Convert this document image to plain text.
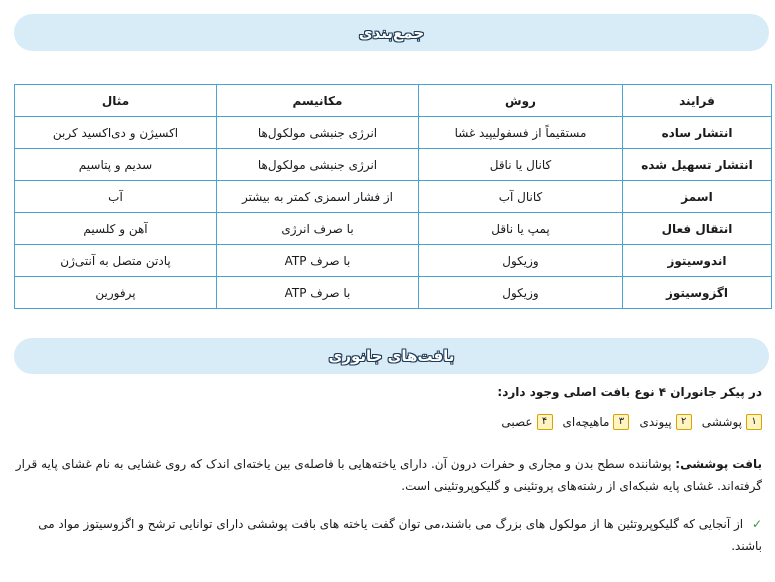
جمع‌بندی
فرایند	روش	مکانیسم	مثال
انتشار ساده	مستقیماً از فسفولیپید غشا	انرژی جنبشی مولکول‌ها	اکسیژن و دی‌اکسید کربن
انتشار تسهیل شده	کانال یا ناقل	انرژی جنبشی مولکول‌ها	سدیم و پتاسیم
اسمز	کانال آب	از فشار اسمزی کمتر به بیشتر	آب
انتقال فعال	پمپ یا ناقل	با صرف انرژی	آهن و کلسیم
اندوسیتوز	وزیکول	با صرف ATP	پادتن متصل به آنتی‌ژن
اگزوسیتوز	وزیکول	با صرف ATP	پرفورین
بافت‌های جانوری
در پیکر جانوران ۴ نوع بافت اصلی وجود دارد:
۱
پوششی
۲
پیوندی
۳
ماهیچه‌ای
۴
عصبی
بافت پوششی: پوشاننده سطح بدن و مجاری و حفرات درون آن. دارای یاخته‌هایی با فاصله‌ی بین یاخته‌ای اندک که روی غشایی به نام غشای پایه قرار گرفته‌اند. غشای پایه شبکه‌ای از رشته‌های پروتئینی و گلیکوپروتئینی است.
✓ از آنجایی که گلیکوپروتئین ها از مولکول های بزرگ می باشند،می توان گفت یاخته های بافت پوششی دارای توانایی ترشح و اگزوسیتوز مواد می باشند.
